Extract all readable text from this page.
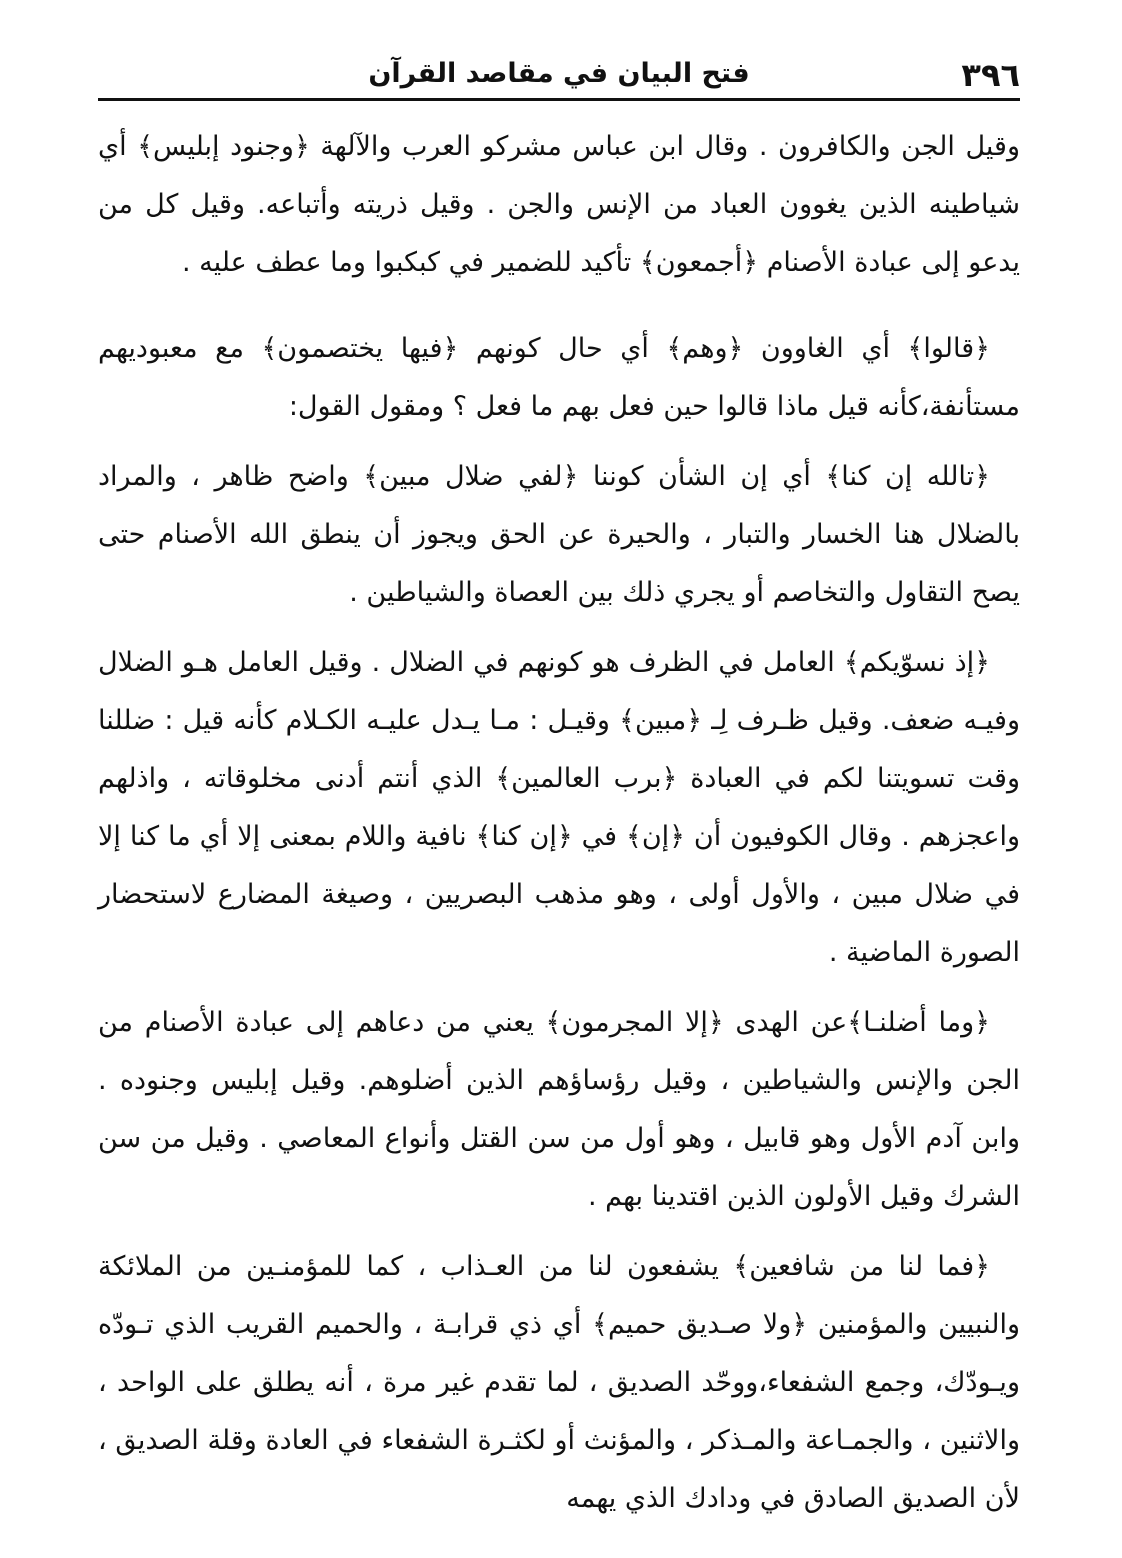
٣٩٦
فتح البيان في مقاصد القرآن

وقيل الجن والكافرون . وقال ابن عباس مشركو العرب والآلهة ﴿وجنود إبليس﴾ أي شياطينه الذين يغوون العباد من الإنس والجن . وقيل ذريته وأتباعه. وقيل كل من يدعو إلى عبادة الأصنام ﴿أجمعون﴾ تأكيد للضمير في كبكبوا وما عطف عليه .

﴿قالوا﴾ أي الغاوون ﴿وهم﴾ أي حال كونهم ﴿فيها يختصمون﴾ مع معبوديهم مستأنفة،كأنه قيل ماذا قالوا حين فعل بهم ما فعل ؟ ومقول القول:

﴿تالله إن كنا﴾ أي إن الشأن كوننا ﴿لفي ضلال مبين﴾ واضح ظاهر ، والمراد بالضلال هنا الخسار والتبار ، والحيرة عن الحق ويجوز أن ينطق الله الأصنام حتى يصح التقاول والتخاصم أو يجري ذلك بين العصاة والشياطين .

﴿إذ نسوّيكم﴾ العامل في الظرف هو كونهم في الضلال . وقيل العامل هـو الضلال وفيـه ضعف. وقيل ظـرف لِـ ﴿مبين﴾ وقيـل : مـا يـدل عليـه الكـلام كأنه قيل : ضللنا وقت تسويتنا لكم في العبادة ﴿برب العالمين﴾ الذي أنتم أدنى مخلوقاته ، واذلهم واعجزهم . وقال الكوفيون أن ﴿إن﴾ في ﴿إن كنا﴾ نافية واللام بمعنى إلا أي ما كنا إلا في ضلال مبين ، والأول أولى ، وهو مذهب البصريين ، وصيغة المضارع لاستحضار الصورة الماضية .

﴿وما أضلنـا﴾عن الهدى ﴿إلا المجرمون﴾ يعني من دعاهم إلى عبادة الأصنام من الجن والإنس والشياطين ، وقيل رؤساؤهم الذين أضلوهم. وقيل إبليس وجنوده . وابن آدم الأول وهو قابيل ، وهو أول من سن القتل وأنواع المعاصي . وقيل من سن الشرك وقيل الأولون الذين اقتدينا بهم .

﴿فما لنا من شافعين﴾ يشفعون لنا من العـذاب ، كما للمؤمنـين من الملائكة والنبيين والمؤمنين ﴿ولا صـديق حميم﴾ أي ذي قرابـة ، والحميم القريب الذي تـودّه ويـودّك، وجمع الشفعاء،ووحّد الصديق ، لما تقدم غير مرة ، أنه يطلق على الواحد ، والاثنين ، والجمـاعة والمـذكر ، والمؤنث أو لكثـرة الشفعاء في العادة وقلة الصديق ، لأن الصديق الصادق في ودادك الذي يهمه
